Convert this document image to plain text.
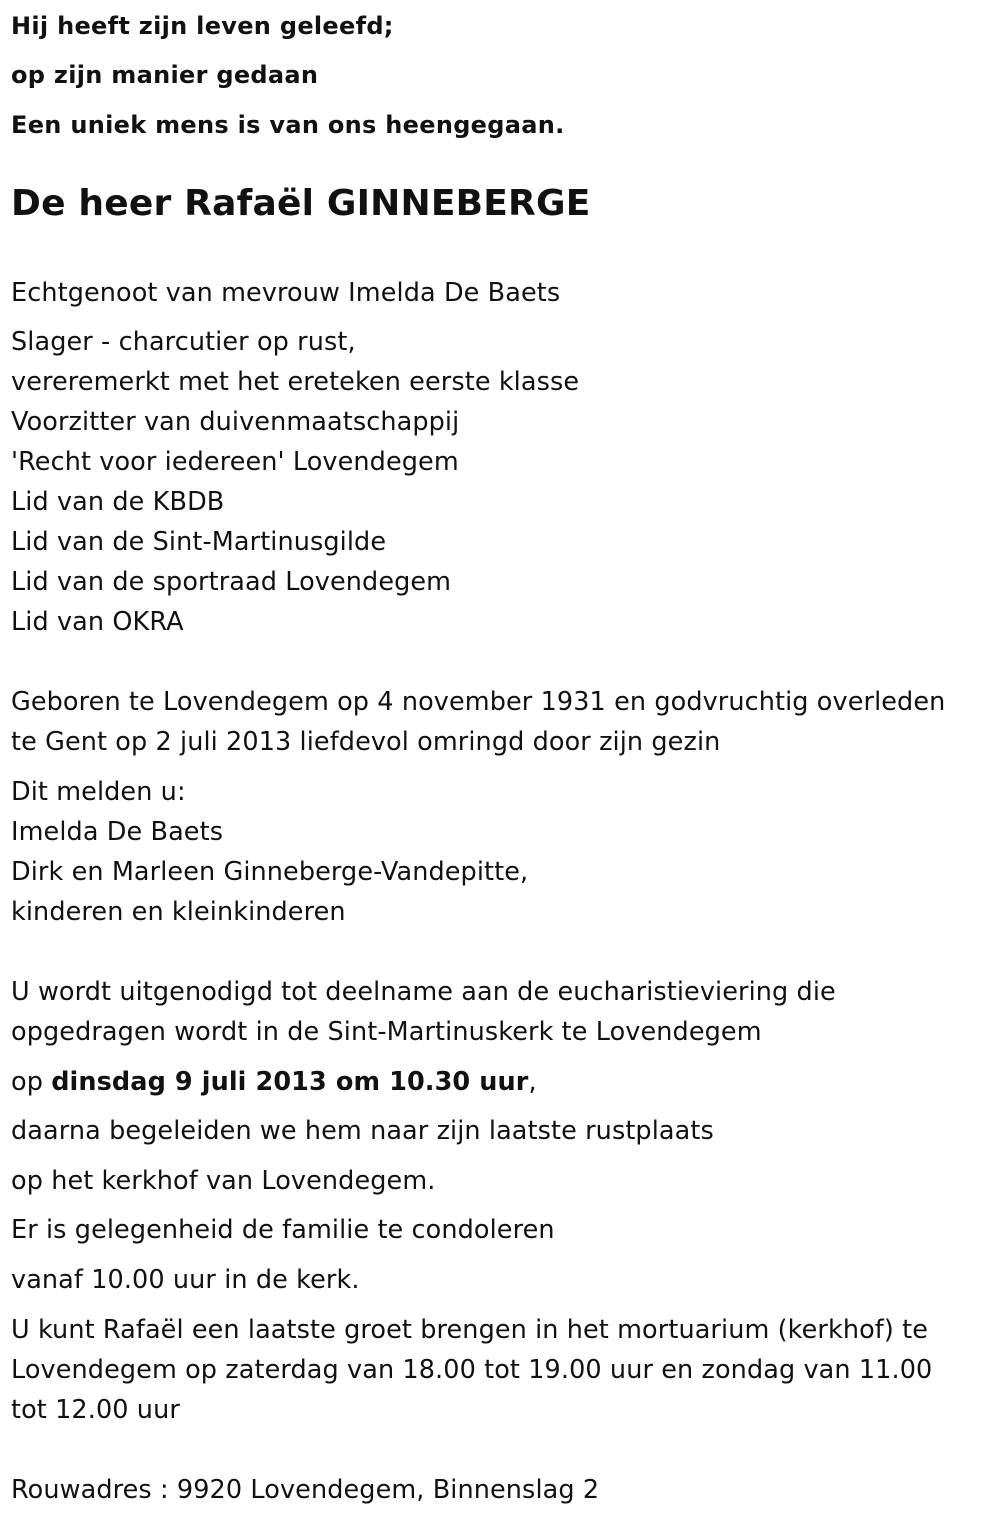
Hij heeft zijn leven geleefd;
op zijn manier gedaan
Een uniek mens is van ons heengegaan.
De heer Rafaël GINNEBERGE
Echtgenoot van mevrouw Imelda De Baets
Slager - charcutier op rust,
vereremerkt met het ereteken eerste klasse
Voorzitter van duivenmaatschappij
'Recht voor iedereen' Lovendegem
Lid van de KBDB
Lid van de Sint-Martinusgilde
Lid van de sportraad Lovendegem
Lid van OKRA
Geboren te Lovendegem op 4 november 1931 en godvruchtig overleden
te Gent op 2 juli 2013 liefdevol omringd door zijn gezin
Dit melden u:
Imelda De Baets
Dirk en Marleen Ginneberge-Vandepitte,
kinderen en kleinkinderen
U wordt uitgenodigd tot deelname aan de eucharistieviering die
opgedragen wordt in de Sint-Martinuskerk te Lovendegem
op dinsdag 9 juli 2013 om 10.30 uur,
daarna begeleiden we hem naar zijn laatste rustplaats
op het kerkhof van Lovendegem.
Er is gelegenheid de familie te condoleren
vanaf 10.00 uur in de kerk.
U kunt Rafaël een laatste groet brengen in het mortuarium (kerkhof) te
Lovendegem op zaterdag van 18.00 tot 19.00 uur en zondag van 11.00
tot 12.00 uur
Rouwadres : 9920 Lovendegem, Binnenslag 2
